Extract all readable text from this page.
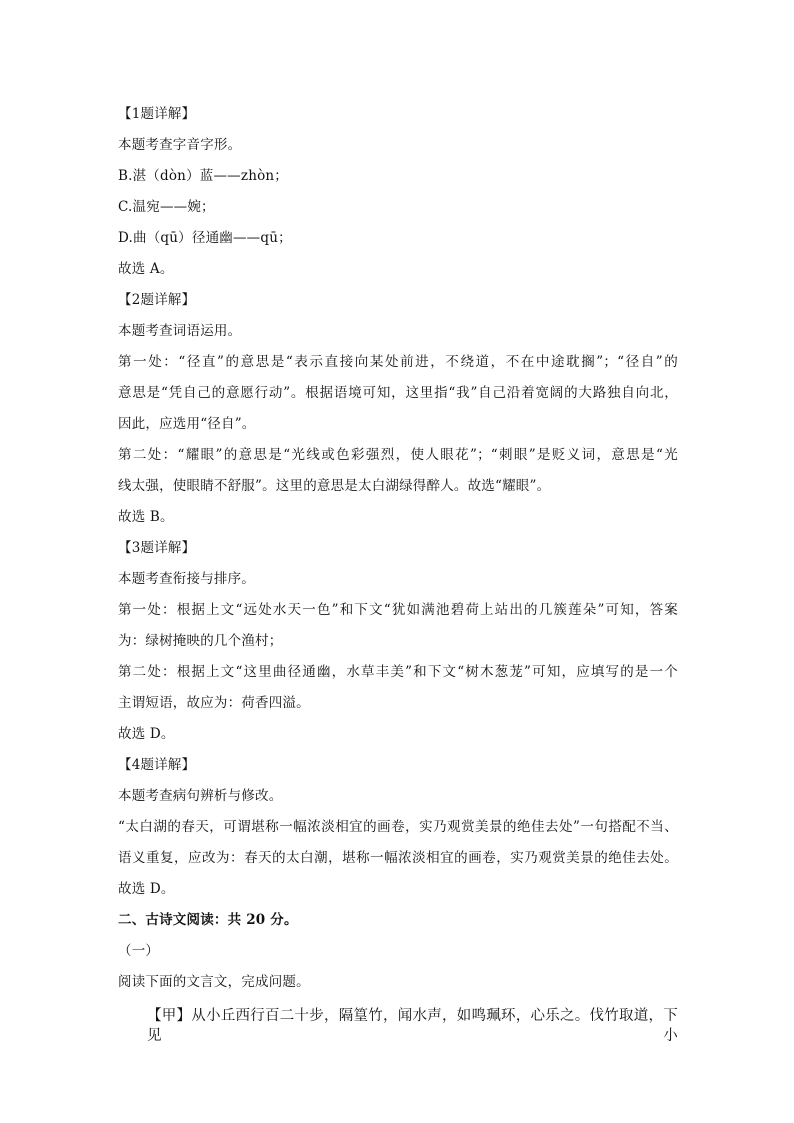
【1题详解】
本题考查字音字形。
B.湛（dòn）蓝——zhòn；
C.温宛——婉；
D.曲（qū）径通幽——qū；
故选 A。
【2题详解】
本题考查词语运用。
第一处：“径直”的意思是“表示直接向某处前进，不绕道，不在中途耽搁”；“径自”的
意思是“凭自己的意愿行动”。根据语境可知，这里指“我”自己沿着宽阔的大路独自向北，
因此，应选用“径自”。
第二处：“耀眼”的意思是“光线或色彩强烈，使人眼花”；“刺眼”是贬义词，意思是“光
线太强，使眼睛不舒服”。这里的意思是太白湖绿得醉人。故选“耀眼”。
故选 B。
【3题详解】
本题考查衔接与排序。
第一处：根据上文“远处水天一色”和下文“犹如满池碧荷上站出的几簇莲朵”可知，答案
为：绿树掩映的几个渔村；
第二处：根据上文“这里曲径通幽，水草丰美”和下文“树木葱茏”可知，应填写的是一个
主谓短语，故应为：荷香四溢。
故选 D。
【4题详解】
本题考查病句辨析与修改。
“太白湖的春天，可谓堪称一幅浓淡相宜的画卷，实乃观赏美景的绝佳去处”一句搭配不当、
语义重复，应改为：春天的太白潮，堪称一幅浓淡相宜的画卷，实乃观赏美景的绝佳去处。
故选 D。
二、古诗文阅读：共 20 分。
（一）
阅读下面的文言文，完成问题。
【甲】从小丘西行百二十步，隔篁竹，闻水声，如鸣珮环，心乐之。伐竹取道，下见小
